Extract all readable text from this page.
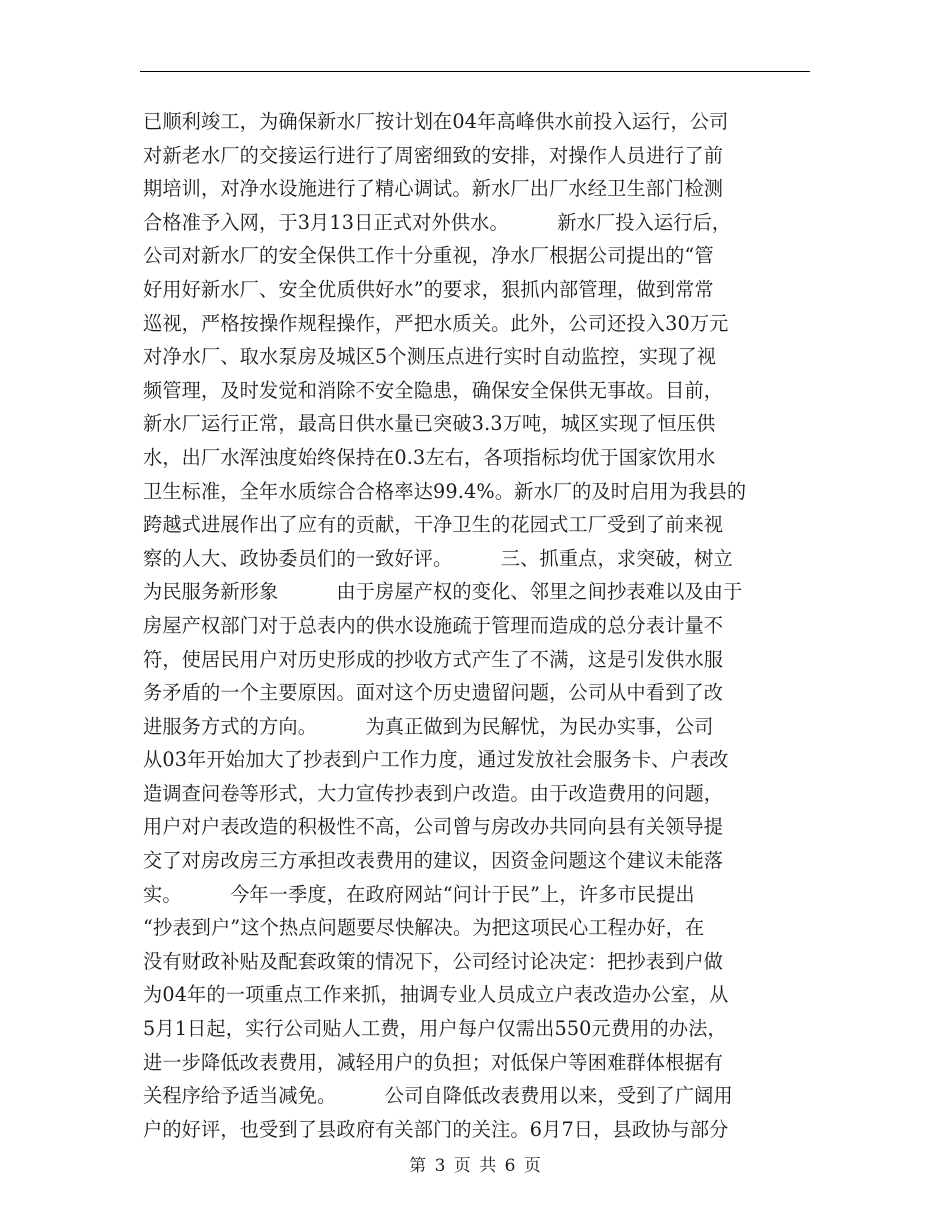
已顺利竣工，为确保新水厂按计划在04年高峰供水前投入运行，公司
对新老水厂的交接运行进行了周密细致的安排，对操作人员进行了前
期培训，对净水设施进行了精心调试。新水厂出厂水经卫生部门检测
合格准予入网，于3月13日正式对外供水。　　　新水厂投入运行后，
公司对新水厂的安全保供工作十分重视，净水厂根据公司提出的“管
好用好新水厂、安全优质供好水”的要求，狠抓内部管理，做到常常
巡视，严格按操作规程操作，严把水质关。此外，公司还投入30万元
对净水厂、取水泵房及城区5个测压点进行实时自动监控，实现了视
频管理，及时发觉和消除不安全隐患，确保安全保供无事故。目前，
新水厂运行正常，最高日供水量已突破3.3万吨，城区实现了恒压供
水，出厂水浑浊度始终保持在0.3左右，各项指标均优于国家饮用水
卫生标准，全年水质综合合格率达99.4%。新水厂的及时启用为我县的
跨越式进展作出了应有的贡献，干净卫生的花园式工厂受到了前来视
察的人大、政协委员们的一致好评。　　　三、抓重点，求突破，树立
为民服务新形象　　　由于房屋产权的变化、邻里之间抄表难以及由于
房屋产权部门对于总表内的供水设施疏于管理而造成的总分表计量不
符，使居民用户对历史形成的抄收方式产生了不满，这是引发供水服
务矛盾的一个主要原因。面对这个历史遗留问题，公司从中看到了改
进服务方式的方向。　　　为真正做到为民解忧，为民办实事，公司
从03年开始加大了抄表到户工作力度，通过发放社会服务卡、户表改
造调查问卷等形式，大力宣传抄表到户改造。由于改造费用的问题，
用户对户表改造的积极性不高，公司曾与房改办共同向县有关领导提
交了对房改房三方承担改表费用的建议，因资金问题这个建议未能落
实。　　　今年一季度，在政府网站“问计于民”上，许多市民提出
“抄表到户”这个热点问题要尽快解决。为把这项民心工程办好，在
没有财政补贴及配套政策的情况下，公司经讨论决定：把抄表到户做
为04年的一项重点工作来抓，抽调专业人员成立户表改造办公室，从
5月1日起，实行公司贴人工费，用户每户仅需出550元费用的办法，
进一步降低改表费用，减轻用户的负担；对低保户等困难群体根据有
关程序给予适当减免。　　　公司自降低改表费用以来，受到了广阔用
户的好评，也受到了县政府有关部门的关注。6月7日，县政协与部分
第 3 页 共 6 页
